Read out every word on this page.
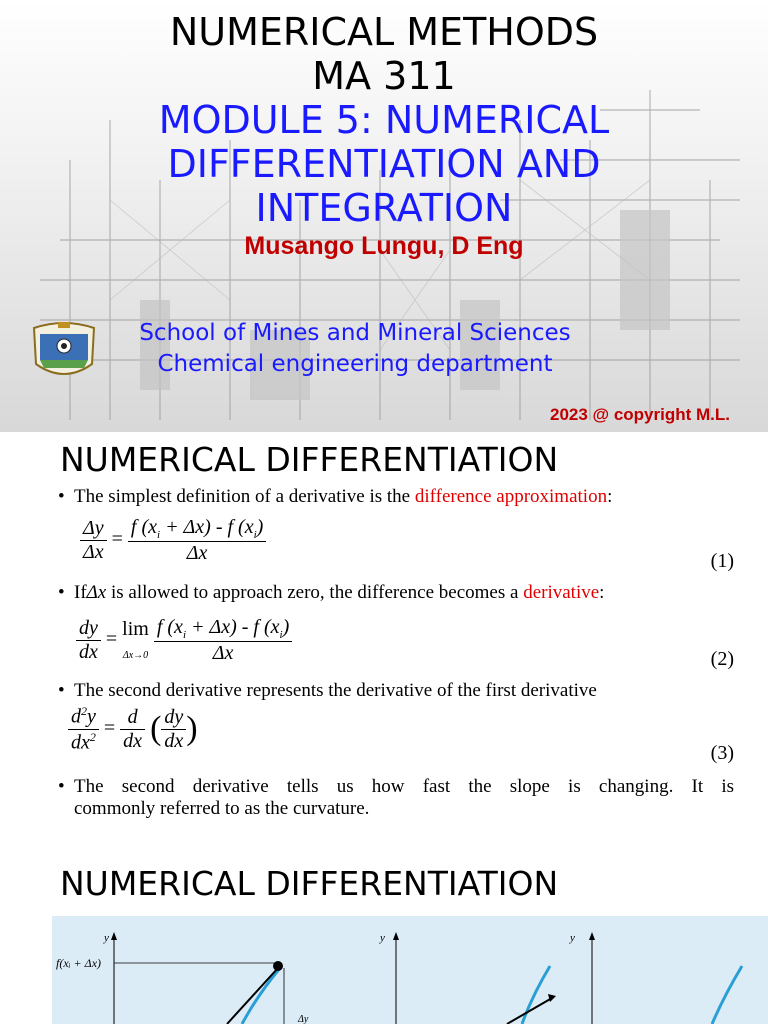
NUMERICAL METHODS
MA 311
MODULE 5: NUMERICAL
DIFFERENTIATION AND
INTEGRATION
Musango Lungu, D Eng
School of Mines and Mineral Sciences
Chemical engineering department
2023 @ copyright M.L.
NUMERICAL DIFFERENTIATION
• The simplest definition of a derivative is the difference approximation:
$\frac{\Delta y}{\Delta x} = \frac{f (x_i + \Delta x) - f (x_i)}{\Delta x}$	(1)
• IfΔx is allowed to approach zero, the difference becomes a derivative:
$\frac{dy}{dx} = \lim$
$\Delta x\to 0 \frac{f (x_i + \Delta x) - f (x_i)}{\Delta x}$	(2)
• The second derivative represents the derivative of the first derivative
$\frac{d^2y}{dx^2} = \frac{d}{dx}$ ( $\frac{dy}{dx}$ )
(3)
• The second derivative tells us how fast the slope is changing. It is
commonly referred to as the curvature.
NUMERICAL DIFFERENTIATION
f(xᵢ + Δx)
y	y	y
Δy
